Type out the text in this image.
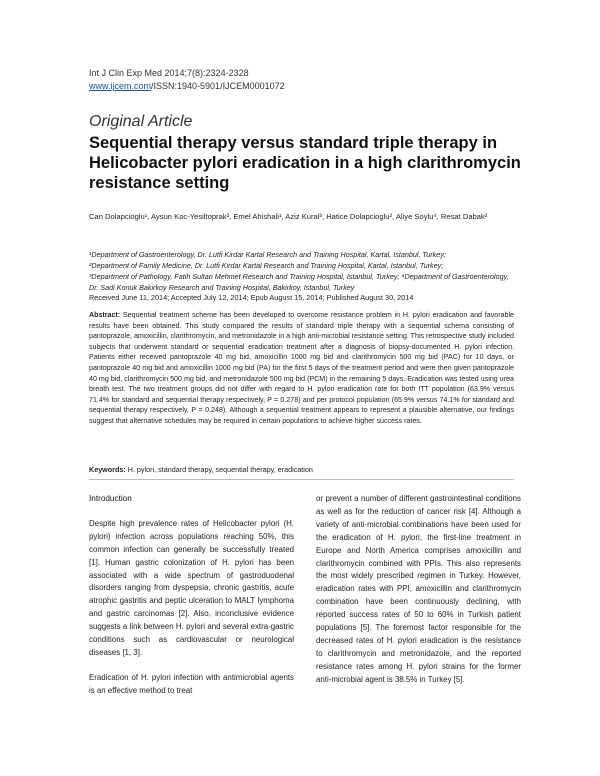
Int J Clin Exp Med 2014;7(8):2324-2328
www.ijcem.com/ISSN:1940-5901/IJCEM0001072
Original Article
Sequential therapy versus standard triple therapy in Helicobacter pylori eradication in a high clarithromycin resistance setting
Can Dolapcioglu¹, Aysun Koc-Yesiltoprak², Emel Ahishali¹, Aziz Kural³, Hatice Dolapcioglu², Aliye Soylu⁴, Resat Dabak²
¹Department of Gastroenterology, Dr. Lutfi Kirdar Kartal Research and Training Hospital, Kartal, Istanbul, Turkey;
²Department of Family Medicine, Dr. Lutfi Kirdar Kartal Research and Training Hospital, Kartal, Istanbul, Turkey;
³Department of Pathology, Fatih Sultan Mehmet Research and Training Hospital, Istanbul, Turkey; ⁴Department of Gastroenterology, Dr. Sadi Konuk Bakirkoy Research and Training Hospital, Bakirkoy, Istanbul, Turkey
Received June 11, 2014; Accepted July 12, 2014; Epub August 15, 2014; Published August 30, 2014
Abstract: Sequential treatment scheme has been developed to overcome resistance problem in H. pylori eradication and favorable results have been obtained. This study compared the results of standard triple therapy with a sequential schema consisting of pantoprazole, amoxicillin, clarithromycin, and metronidazole in a high anti-microbial resistance setting. This retrospective study included subjects that underwent standard or sequential eradication treatment after a diagnosis of biopsy-documented H. pylori infection. Patients either received pantoprazole 40 mg bid, amoxicillin 1000 mg bid and clarithromycin 500 mg bid (PAC) for 10 days, or pantoprazole 40 mg bid and amoxicillin 1000 mg bid (PA) for the first 5 days of the treatment period and were then given pantoprazole 40 mg bid, clarithromycin 500 mg bid, and metronidazole 500 mg bid (PCM) in the remaining 5 days. Eradication was tested using urea breath test. The two treatment groups did not differ with regard to H. pylori eradication rate for both ITT population (63.9% versus 71.4% for standard and sequential therapy respectively, P = 0.278) and per protocol population (65.9% versus 74.1% for standard and sequential therapy respectively, P = 0.248). Although a sequential treatment appears to represent a plausible alternative, our findings suggest that alternative schedules may be required in certain populations to achieve higher success rates.
Keywords: H. pylori, standard therapy, sequential therapy, eradication
Introduction

Despite high prevalence rates of Helicobacter pylori (H. pylori) infection across populations reaching 50%, this common infection can generally be successfully treated [1]. Human gastric colonization of H. pylori has been associated with a wide spectrum of gastroduodenal disorders ranging from dyspepsia, chronic gastritis, acute atrophic gastritis and peptic ulceration to MALT lymphoma and gastric carcinomas [2]. Also, inconclusive evidence suggests a link between H. pylori and several extra-gastric conditions such as cardiovascular or neurological diseases [1, 3].

Eradication of H. pylori infection with antimicrobial agents is an effective method to treat

or prevent a number of different gastrointestinal conditions as well as for the reduction of cancer risk [4]. Although a variety of anti-microbial combinations have been used for the eradication of H. pylori, the first-line treatment in Europe and North America comprises amoxicillin and clarithromycin combined with PPIs. This also represents the most widely prescribed regimen in Turkey. However, eradication rates with PPI, amoxicillin and clarithromycin combination have been continuously declining, with reported success rates of 50 to 60% in Turkish patient populations [5]. The foremost factor responsible for the decreased rates of H. pylori eradication is the resistance to clarithromycin and metronidazole, and the reported resistance rates among H. pylori strains for the former anti-microbial agent is 38.5% in Turkey [5].
